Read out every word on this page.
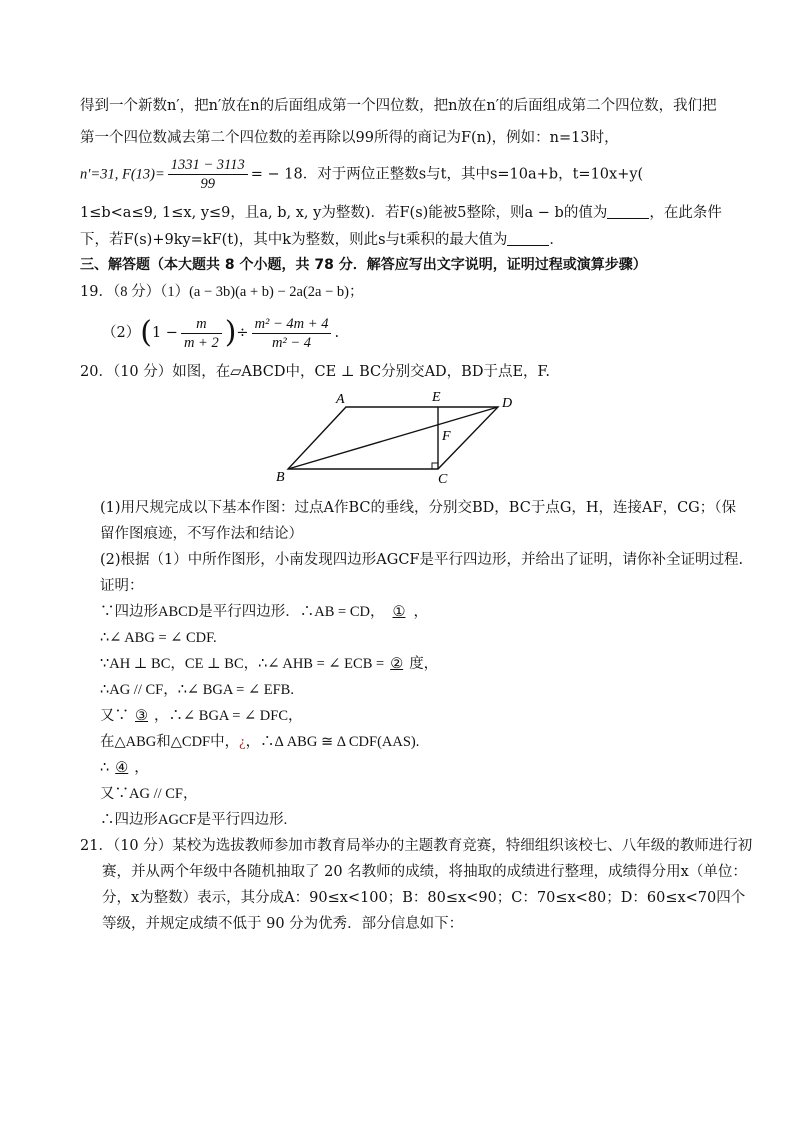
得到一个新数n′，把n′放在n的后面组成第一个四位数，把n放在n′的后面组成第二个四位数，我们把
第一个四位数减去第二个四位数的差再除以99所得的商记为F(n)，例如：n=13时，
n′=31, $F(13)= \frac{1331 - 3113}{99}$ = − 18．对于两位正整数s与t，其中s=10a+b，t=10x+y(
1≤b<a≤9, 1≤x, y≤9，且a, b, x, y为整数)．若F(s)能被5整除，则a − b的值为	，在此条件
下，若F(s)+9ky=kF(t)，其中k为整数，则此s与t乘积的最大值为	．
三、解答题（本大题共 8 个小题，共 78 分．解答应写出文字说明，证明过程或演算步骤）
19．（8 分）（1）(a − 3b)(a + b) − 2a(2a − b)；
$(2)(1 - \frac{m}{m + 2}$ )÷ $\frac{\text{m² − 4m + 4}}{\text{m² − 4}}$ .
20．（10 分）如图，在▱ABCD中，CE ⊥ BC分别交AD，BD于点E，F.
A	E	D
F
B	C
(1)用尺规完成以下基本作图：过点A作BC的垂线，分别交BD，BC于点G，H，连接AF，CG；（保
留作图痕迹，不写作法和结论）
(2)根据（1）中所作图形，小南发现四边形AGCF是平行四边形，并给出了证明，请你补全证明过程.
证明：
∵四边形ABCD是平行四边形．∴AB = CD， ① ，
∴∠ ABG = ∠ CDF.
∵AH ⊥ BC，CE ⊥ BC，∴∠ AHB = ∠ ECB = ② 度，
∴AG // CF，∴∠ BGA = ∠ EFB.
又∵ ③ ，∴∠ BGA = ∠ DFC，
在△ABG和△CDF中，¿，∴Δ ABG ≅ Δ CDF(AAS).
∴ ④ ，
又∵AG // CF，
∴四边形AGCF是平行四边形.
21．（10 分）某校为选拔教师参加市教育局举办的主题教育竞赛，特细组织该校七、八年级的教师进行初
赛，并从两个年级中各随机抽取了 20 名教师的成绩，将抽取的成绩进行整理，成绩得分用x（单位：
分，x为整数）表示，其分成A：90≤x<100；B：80≤x<90；C：70≤x<80；D：60≤x<70四个
等级，并规定成绩不低于 90 分为优秀．部分信息如下：
